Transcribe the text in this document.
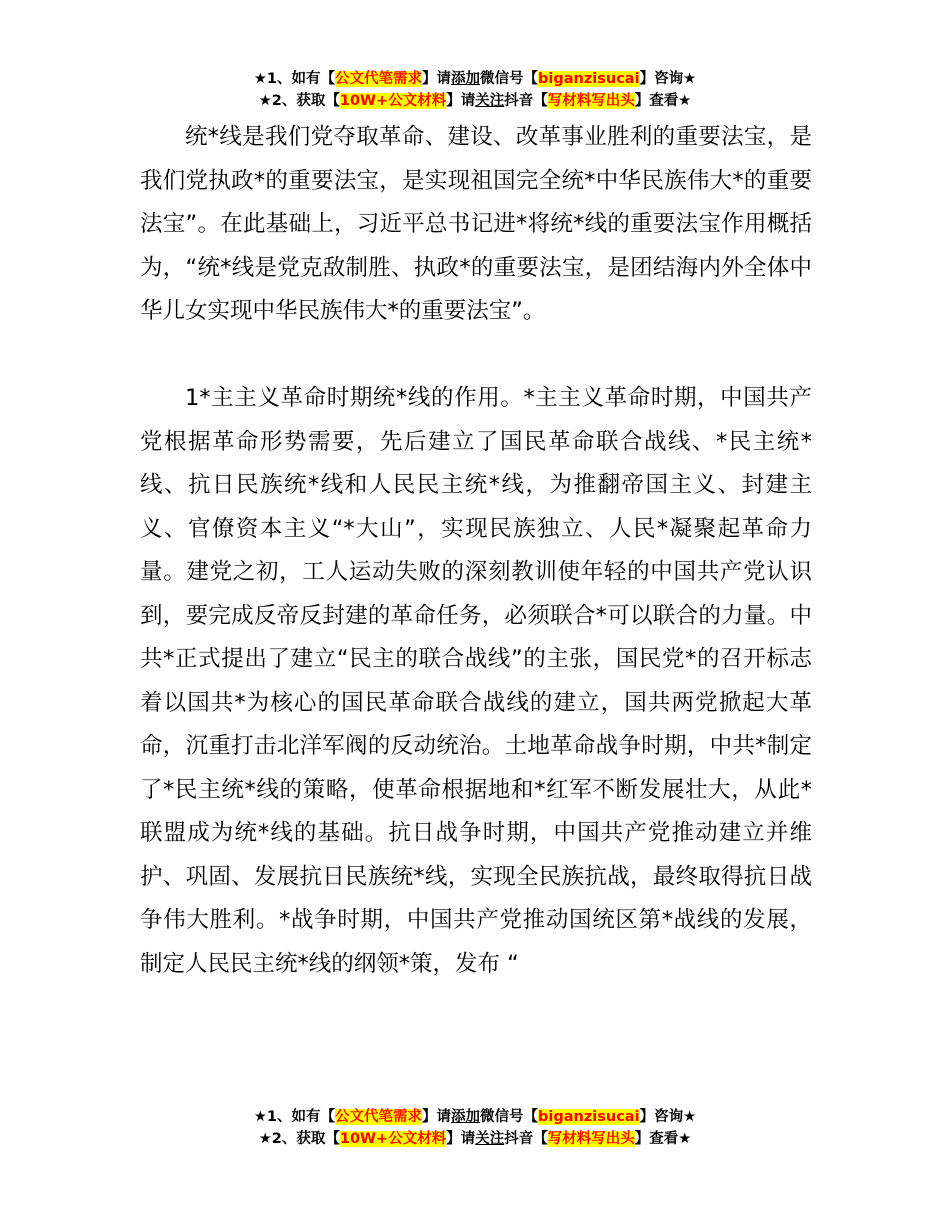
★1、如有【公文代笔需求】请添加微信号【biganzisucai】咨询★
★2、获取【10W+公文材料】请关注抖音【写材料写出头】查看★

统*线是我们党夺取革命、建设、改革事业胜利的重要法宝，是我们党执政*的重要法宝，是实现祖国完全统*中华民族伟大*的重要法宝”。在此基础上，习近平总书记进*将统*线的重要法宝作用概括为，“统*线是党克敌制胜、执政*的重要法宝，是团结海内外全体中华儿女实现中华民族伟大*的重要法宝”。

1*主主义革命时期统*线的作用。*主主义革命时期，中国共产党根据革命形势需要，先后建立了国民革命联合战线、*民主统*线、抗日民族统*线和人民民主统*线，为推翻帝国主义、封建主义、官僚资本主义“*大山”，实现民族独立、人民*凝聚起革命力量。建党之初，工人运动失败的深刻教训使年轻的中国共产党认识到，要完成反帝反封建的革命任务，必须联合*可以联合的力量。中共*正式提出了建立“民主的联合战线”的主张，国民党*的召开标志着以国共*为核心的国民革命联合战线的建立，国共两党掀起大革命，沉重打击北洋军阀的反动统治。土地革命战争时期，中共*制定了*民主统*线的策略，使革命根据地和*红军不断发展壮大，从此*联盟成为统*线的基础。抗日战争时期，中国共产党推动建立并维护、巩固、发展抗日民族统*线，实现全民族抗战，最终取得抗日战争伟大胜利。*战争时期，中国共产党推动国统区第*战线的发展，制定人民民主统*线的纲领*策，发布 “

★1、如有【公文代笔需求】请添加微信号【biganzisucai】咨询★
★2、获取【10W+公文材料】请关注抖音【写材料写出头】查看★
